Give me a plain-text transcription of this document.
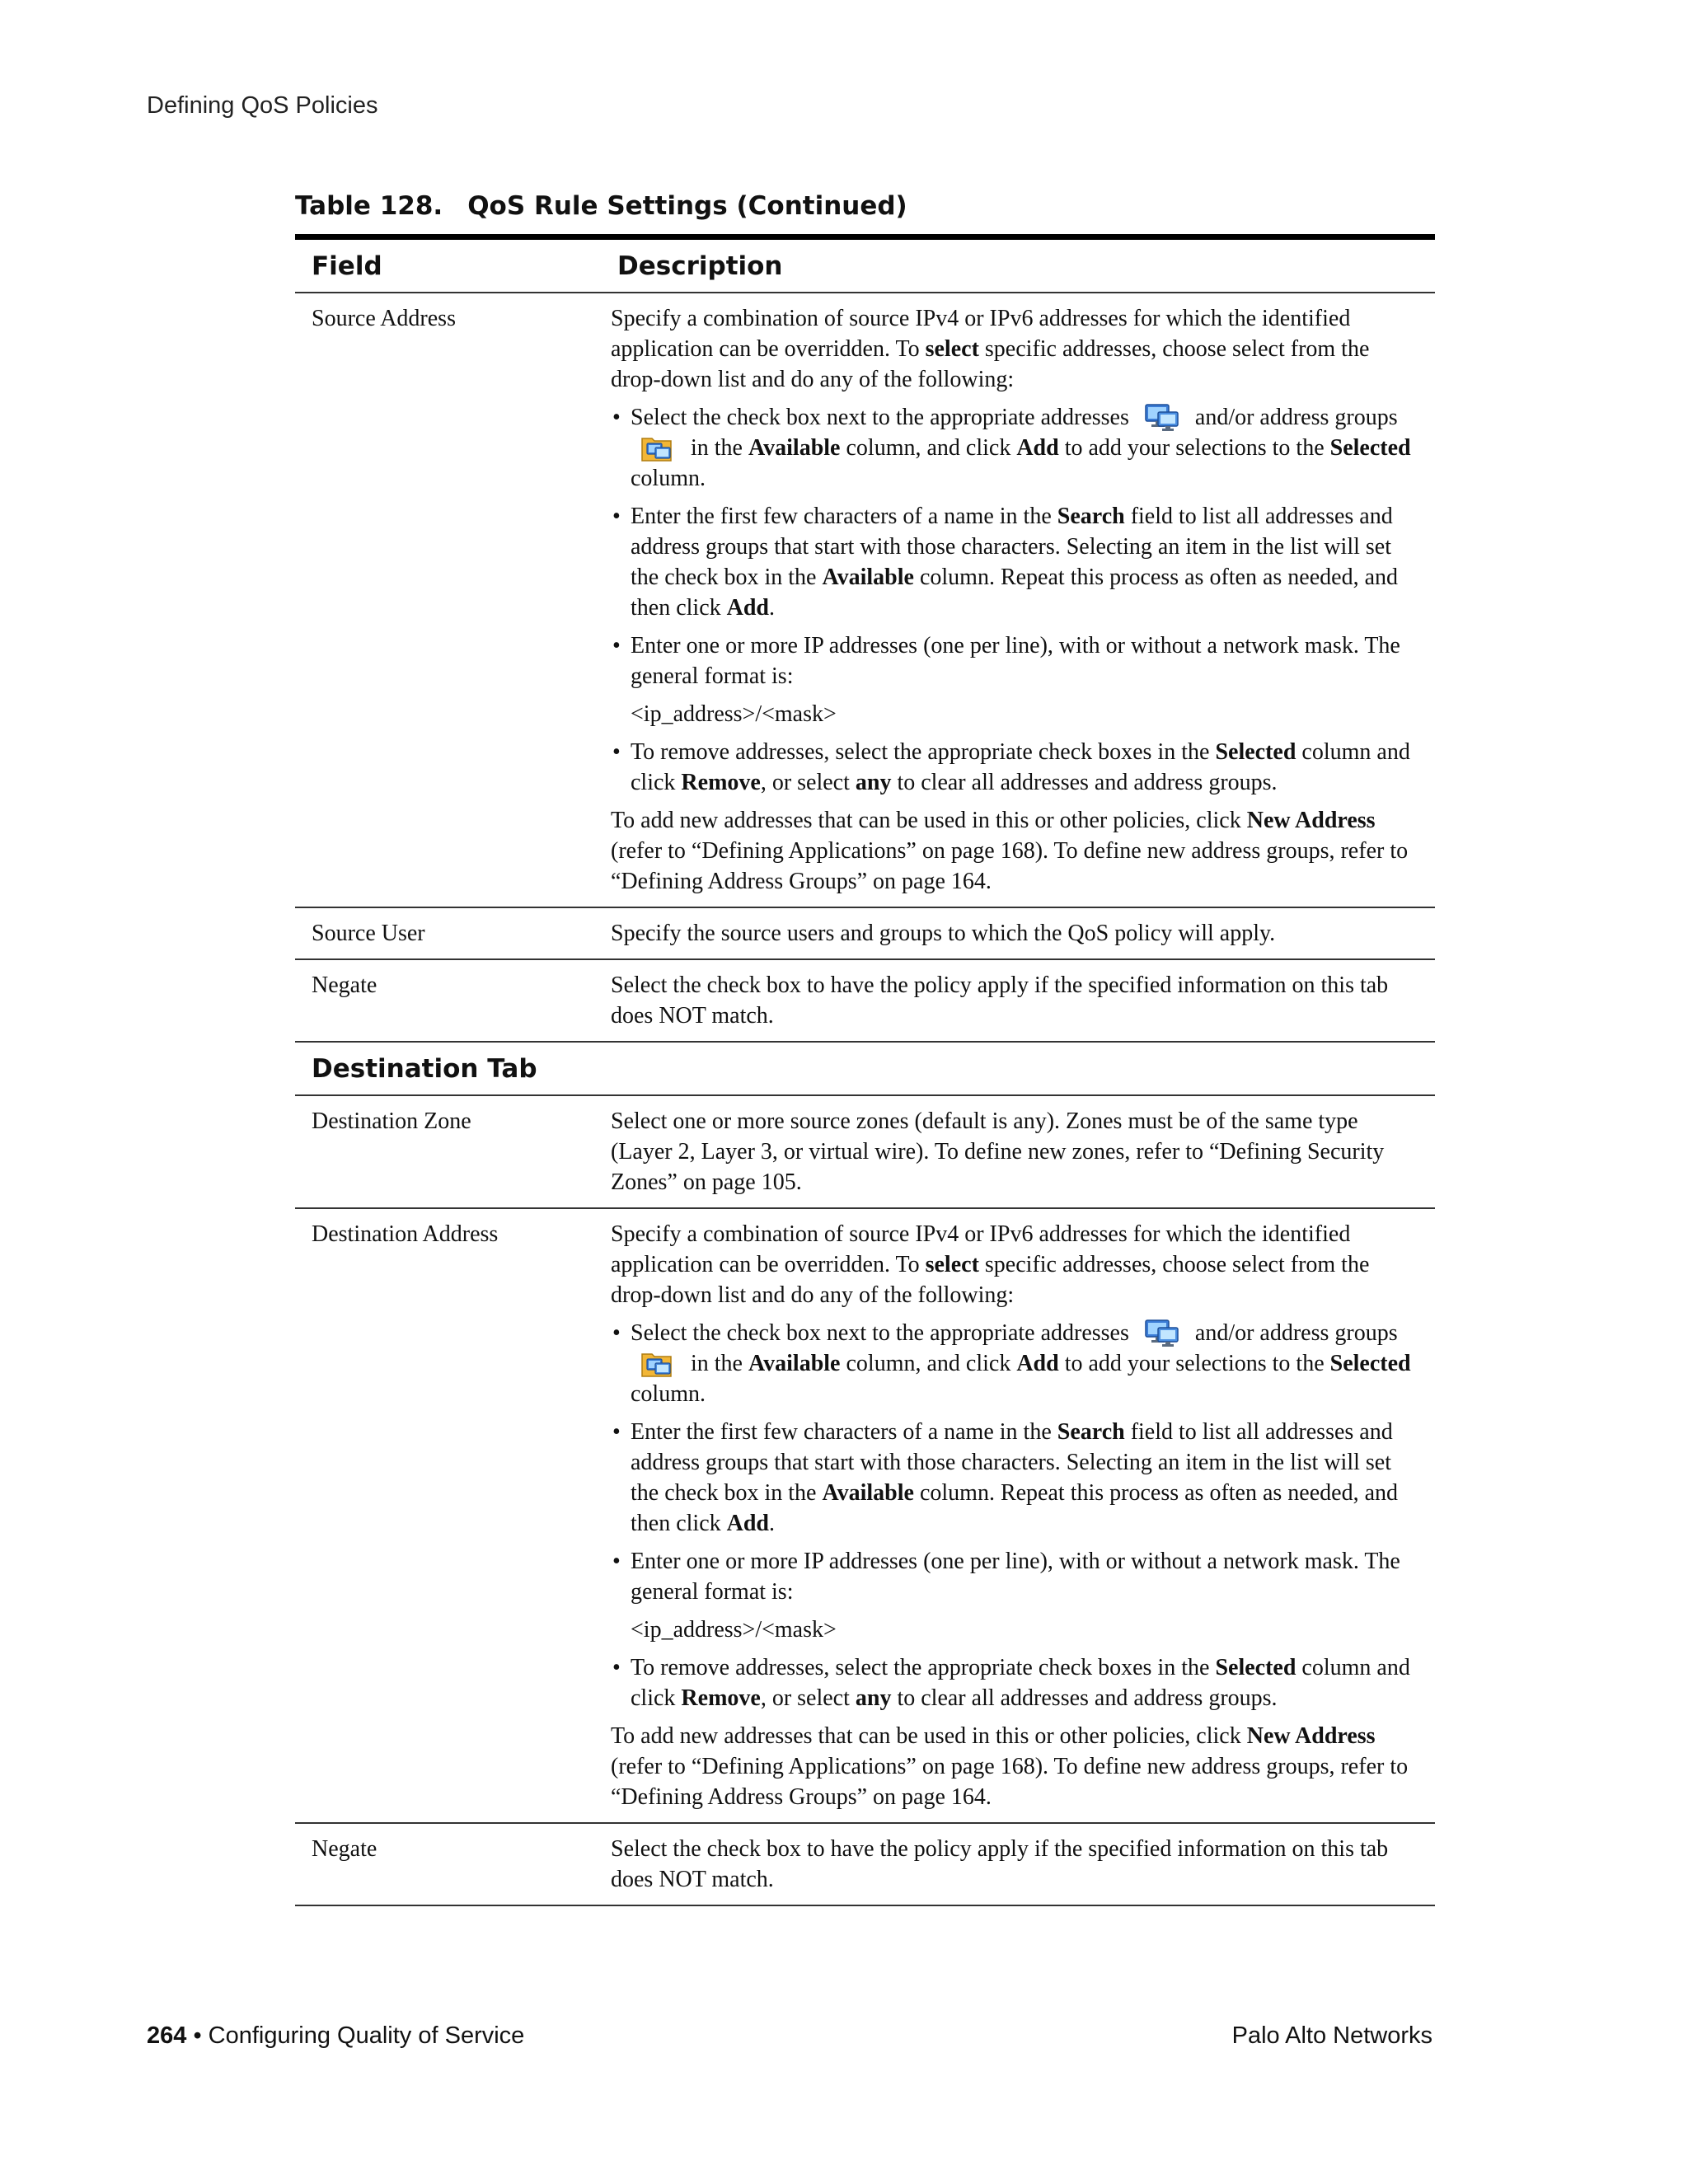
Defining QoS Policies
Table 128. QoS Rule Settings (Continued)
Field	Description
Source Address	Specify a combination of source IPv4 or IPv6 addresses for which the identified application can be overridden. To select specific addresses, choose select from the drop-down list and do any of the following:

• Select the check box next to the appropriate addresses  and/or address groups  in the Available column, and click Add to add your selections to the Selected column.
• Enter the first few characters of a name in the Search field to list all addresses and address groups that start with those characters. Selecting an item in the list will set the check box in the Available column. Repeat this process as often as needed, and then click Add.
• Enter one or more IP addresses (one per line), with or without a network mask. The general format is:
<ip_address>/<mask>
• To remove addresses, select the appropriate check boxes in the Selected column and click Remove, or select any to clear all addresses and address groups.

To add new addresses that can be used in this or other policies, click New Address (refer to “Defining Applications” on page 168). To define new address groups, refer to “Defining Address Groups” on page 164.

Source User	Specify the source users and groups to which the QoS policy will apply.
Negate	Select the check box to have the policy apply if the specified information on this tab does NOT match.
Destination Tab
Destination Zone	Select one or more source zones (default is any). Zones must be of the same type (Layer 2, Layer 3, or virtual wire). To define new zones, refer to “Defining Security Zones” on page 105.
Destination Address	Specify a combination of source IPv4 or IPv6 addresses for which the identified application can be overridden. To select specific addresses, choose select from the drop-down list and do any of the following:

• Select the check box next to the appropriate addresses  and/or address groups  in the Available column, and click Add to add your selections to the Selected column.
• Enter the first few characters of a name in the Search field to list all addresses and address groups that start with those characters. Selecting an item in the list will set the check box in the Available column. Repeat this process as often as needed, and then click Add.
• Enter one or more IP addresses (one per line), with or without a network mask. The general format is:
<ip_address>/<mask>
• To remove addresses, select the appropriate check boxes in the Selected column and click Remove, or select any to clear all addresses and address groups.

To add new addresses that can be used in this or other policies, click New Address (refer to “Defining Applications” on page 168). To define new address groups, refer to “Defining Address Groups” on page 164.

Negate	Select the check box to have the policy apply if the specified information on this tab does NOT match.
264 • Configuring Quality of Service	Palo Alto Networks
